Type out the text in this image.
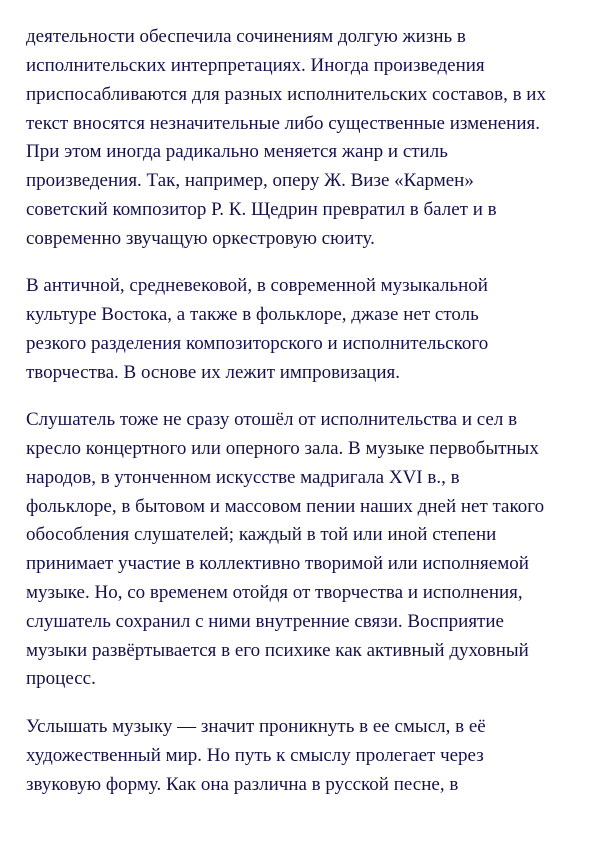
деятельности обеспечила сочинениям долгую жизнь в

исполнительских интерпретациях. Иногда произведения

приспосабливаются для разных исполнительских составов, в их

текст вносятся незначительные либо существенные изменения.

При этом иногда радикально меняется жанр и стиль

произведения. Так, например, оперу Ж. Визе «Кармен»

советский композитор Р. К. Щедрин превратил в балет и в

современно звучащую оркестровую сюиту.

В античной, средневековой, в современной музыкальной

культуре Востока, а также в фольклоре, джазе нет столь

резкого разделения композиторского и исполнительского

творчества. В основе их лежит импровизация.

Слушатель тоже не сразу отошёл от исполнительства и сел в

кресло концертного или оперного зала. В музыке первобытных

народов, в утонченном искусстве мадригала XVI в., в

фольклоре, в бытовом и массовом пении наших дней нет такого

обособления слушателей; каждый в той или иной степени

принимает участие в коллективно творимой или исполняемой

музыке. Но, со временем отойдя от творчества и исполнения,

слушатель сохранил с ними внутренние связи. Восприятие

музыки развёртывается в его психике как активный духовный

процесс.

Услышать музыку — значит проникнуть в ее смысл, в её

художественный мир. Но путь к смыслу пролегает через

звуковую форму. Как она различна в русской песне, в
